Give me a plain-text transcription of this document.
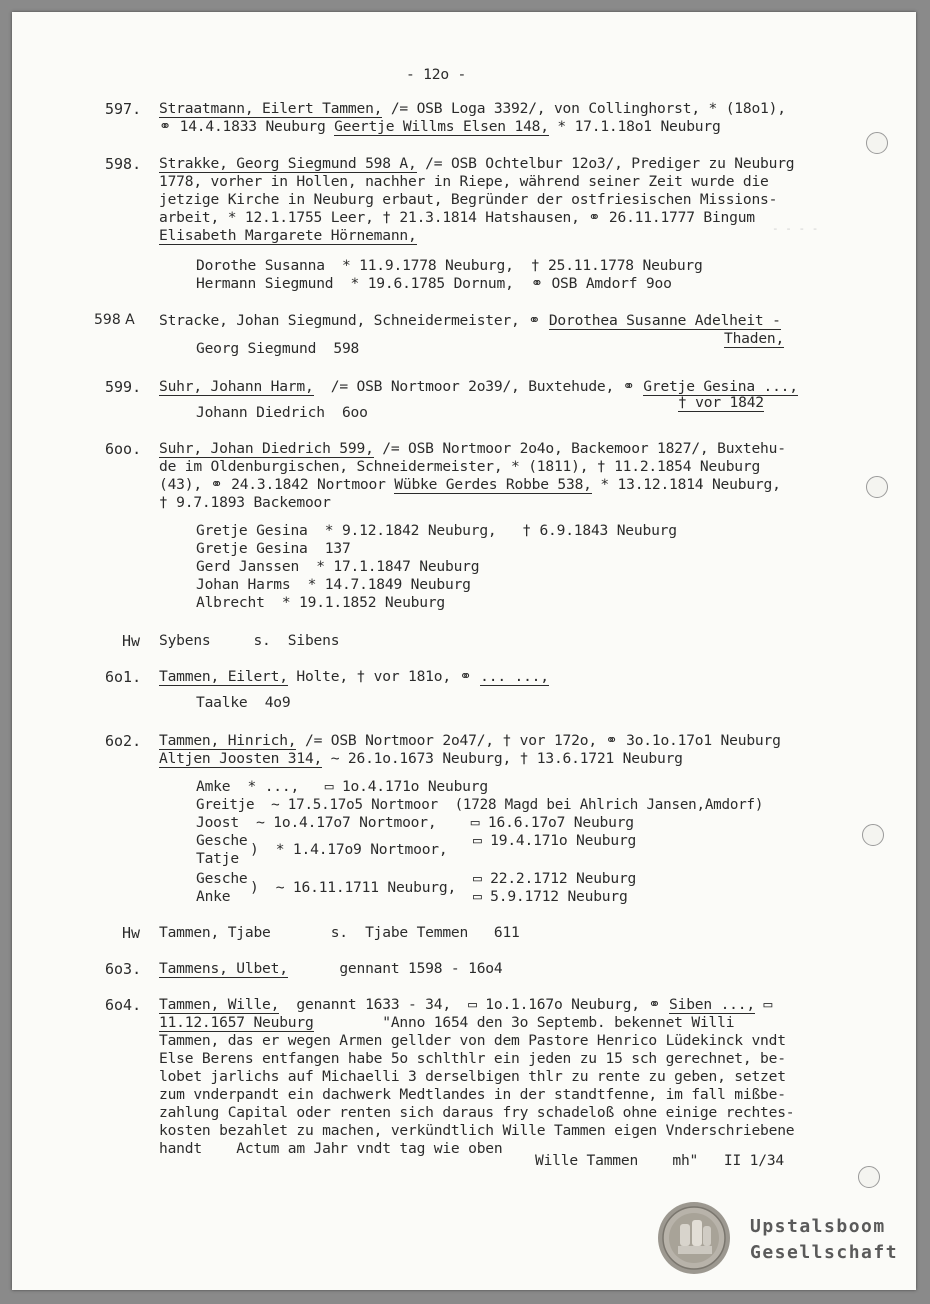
- - - -
- 12o -
597. Straatmann, Eilert Tammen, /= OSB Loga 3392/, von Collinghorst, * (18o1),
⚭ 14.4.1833 Neuburg Geertje Willms Elsen 148, * 17.1.18o1 Neuburg
598. Strakke, Georg Siegmund 598 A, /= OSB Ochtelbur 12o3/, Prediger zu Neuburg
1778, vorher in Hollen, nachher in Riepe, während seiner Zeit wurde die
jetzige Kirche in Neuburg erbaut, Begründer der ostfriesischen Missions-
arbeit, * 12.1.1755 Leer, † 21.3.1814 Hatshausen, ⚭ 26.11.1777 Bingum
Elisabeth Margarete Hörnemann,
Dorothe Susanna  * 11.9.1778 Neuburg,  † 25.11.1778 Neuburg
Hermann Siegmund  * 19.6.1785 Dornum,  ⚭ OSB Amdorf 9oo
598 A Stracke, Johan Siegmund, Schneidermeister, ⚭ Dorothea Susanne Adelheit -
Thaden,
Georg Siegmund  598
599. Suhr, Johann Harm,  /= OSB Nortmoor 2o39/, Buxtehude, ⚭ Gretje Gesina ...,
† vor 1842
Johann Diedrich  6oo
6oo. Suhr, Johan Diedrich 599, /= OSB Nortmoor 2o4o, Backemoor 1827/, Buxtehu-
de im Oldenburgischen, Schneidermeister, * (1811), † 11.2.1854 Neuburg
(43), ⚭ 24.3.1842 Nortmoor Wübke Gerdes Robbe 538, * 13.12.1814 Neuburg,
† 9.7.1893 Backemoor
Gretje Gesina  * 9.12.1842 Neuburg,   † 6.9.1843 Neuburg
Gretje Gesina  137
Gerd Janssen  * 17.1.1847 Neuburg
Johan Harms  * 14.7.1849 Neuburg
Albrecht  * 19.1.1852 Neuburg
Hw Sybens     s.  Sibens
6o1. Tammen, Eilert, Holte, † vor 181o, ⚭ ... ...,
Taalke  4o9
6o2. Tammen, Hinrich, /= OSB Nortmoor 2o47/, † vor 172o, ⚭ 3o.1o.17o1 Neuburg
Altjen Joosten 314, ~ 26.1o.1673 Neuburg, † 13.6.1721 Neuburg
Amke  * ...,   ▭ 1o.4.171o Neuburg
Greitje  ~ 17.5.17o5 Nortmoor  (1728 Magd bei Ahlrich Jansen,Amdorf)
Joost  ~ 1o.4.17o7 Nortmoor,    ▭ 16.6.17o7 Neuburg
Gesche
Tatje
)  * 1.4.17o9 Nortmoor,
▭ 19.4.171o Neuburg
Gesche
Anke
)  ~ 16.11.1711 Neuburg,
▭ 22.2.1712 Neuburg
▭ 5.9.1712 Neuburg
Hw Tammen, Tjabe       s.  Tjabe Temmen   611
6o3. Tammens, Ulbet,      gennant 1598 - 16o4
6o4. Tammen, Wille,  genannt 1633 - 34,  ▭ 1o.1.167o Neuburg, ⚭ Siben ..., ▭
11.12.1657 Neuburg        "Anno 1654 den 3o Septemb. bekennet Willi
Tammen, das er wegen Armen gellder von dem Pastore Henrico Lüdekinck vndt
Else Berens entfangen habe 5o schlthlr ein jeden zu 15 sch gerechnet, be-
lobet jarlichs auf Michaelli 3 derselbigen thlr zu rente zu geben, setzet
zum vnderpandt ein dachwerk Medtlandes in der standtfenne, im fall mißbe-
zahlung Capital oder renten sich daraus fry schadeloß ohne einige rechtes-
kosten bezahlet zu machen, verkündtlich Wille Tammen eigen Vnderschriebene
handt    Actum am Jahr vndt tag wie oben
Wille Tammen    mh"   II 1/34
Upstalsboom
Gesellschaft
